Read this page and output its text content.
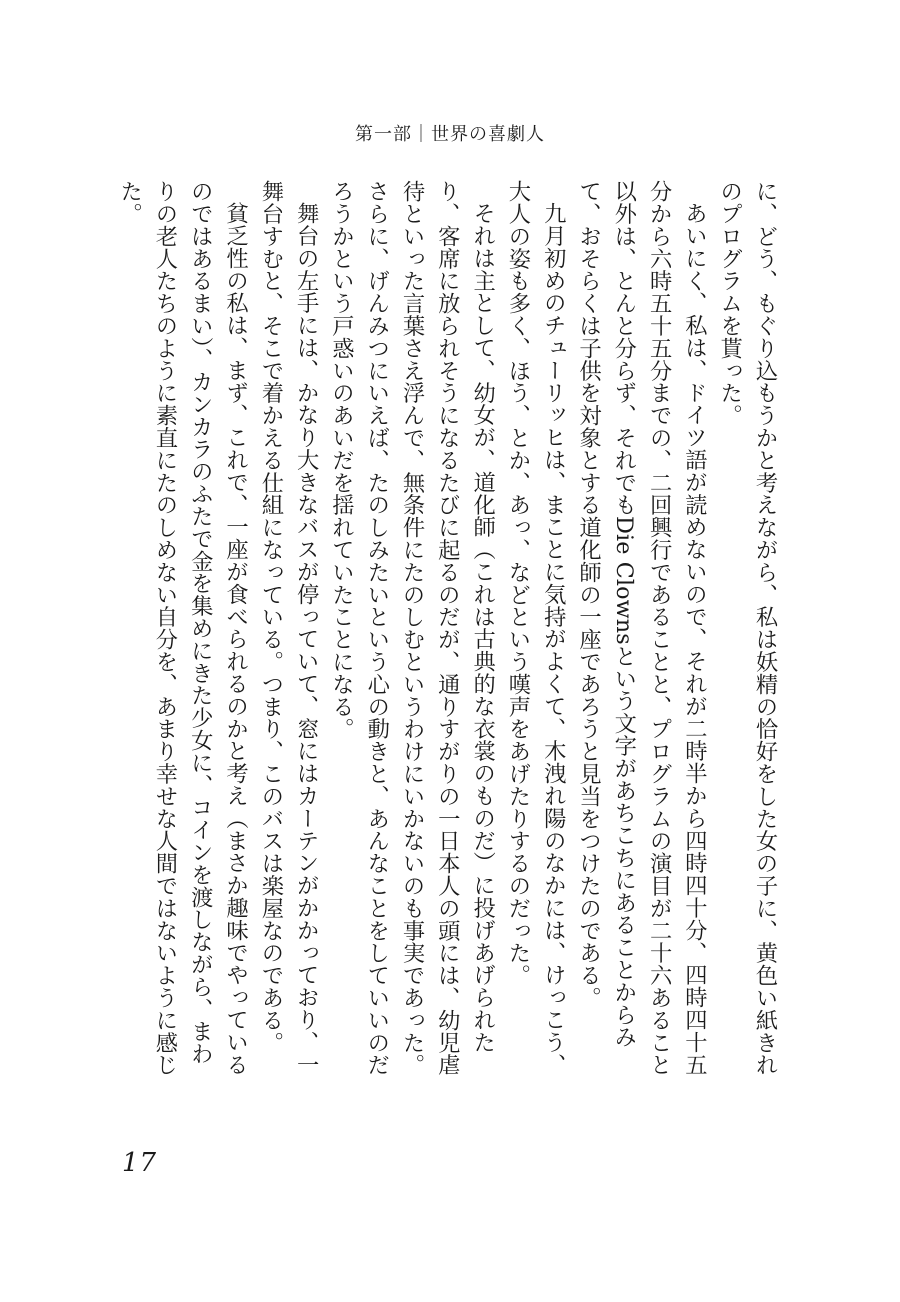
第一部｜世界の喜劇人

に、どう、もぐり込もうかと考えながら、私は妖精の恰好をした女の子に、黄色い紙きれのプログラムを貰った。

あいにく、私は、ドイツ語が読めないので、それが二時半から四時四十分、四時四十五分から六時五十五分までの、二回興行であることと、プログラムの演目が二十六あること以外は、とんと分らず、それでもDie Clownsという文字があちこちにあることからみて、おそらくは子供を対象とする道化師の一座であろうと見当をつけたのである。

九月初めのチューリッヒは、まことに気持がよくて、木洩れ陽のなかには、けっこう、大人の姿も多く、ほう、とか、あっ、などという嘆声をあげたりするのだった。

それは主として、幼女が、道化師（これは古典的な衣裳のものだ）に投げあげられたり、客席に放られそうになるたびに起るのだが、通りすがりの一日本人の頭には、幼児虐待といった言葉さえ浮んで、無条件にたのしむというわけにいかないのも事実であった。さらに、げんみつにいえば、たのしみたいという心の動きと、あんなことをしていいのだろうかという戸惑いのあいだを揺れていたことになる。

舞台の左手には、かなり大きなバスが停っていて、窓にはカーテンがかかっており、一舞台すむと、そこで着かえる仕組になっている。つまり、このバスは楽屋なのである。

貧乏性の私は、まず、これで、一座が食べられるのかと考え（まさか趣味でやっているのではあるまい）、カンカラのふたで金を集めにきた少女に、コインを渡しながら、まわりの老人たちのように素直にたのしめない自分を、あまり幸せな人間ではないように感じた。

17
